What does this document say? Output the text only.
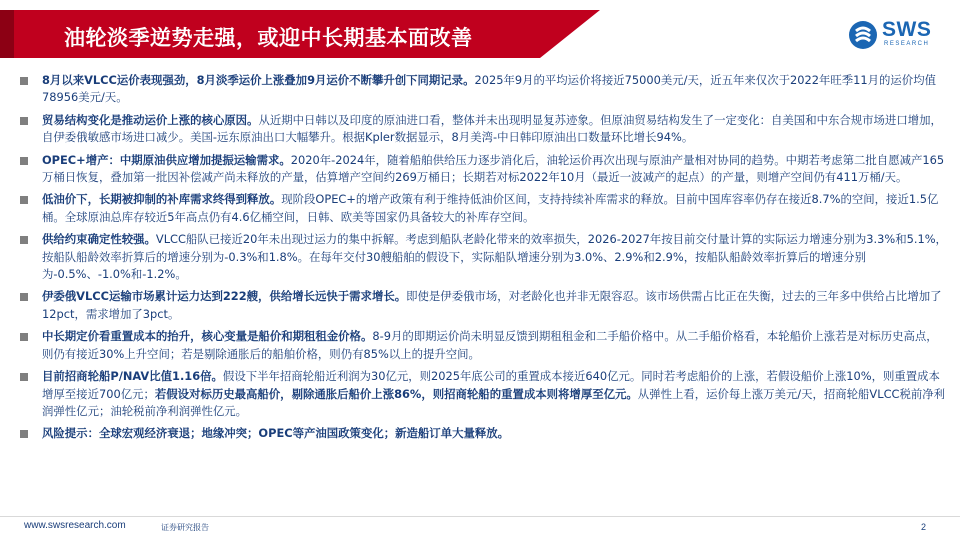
油轮淡季逆势走强，或迎中长期基本面改善	SWS
RESEARCH
8月以来VLCC运价表现强劲，8月淡季运价上涨叠加9月运价不断攀升创下同期记录。2025年9月的平均运价将接近75000美元/天，近五年来仅次于2022年旺季11月的运价均值78956美元/天。
贸易结构变化是推动运价上涨的核心原因。从近期中日韩以及印度的原油进口看，整体并未出现明显复苏迹象。但原油贸易结构发生了一定变化：自美国和中东合规市场进口增加，自伊委俄敏感市场进口减少。美国-远东原油出口大幅攀升。根据Kpler数据显示，8月美湾-中日韩印原油出口数量环比增长94%。
OPEC+增产：中期原油供应增加提振运输需求。2020年-2024年，随着船舶供给压力逐步消化后，油轮运价再次出现与原油产量相对协同的趋势。中期若考虑第二批自愿减产165万桶日恢复，叠加第一批因补偿减产尚未释放的产量，估算增产空间约269万桶日；长期若对标2022年10月（最近一波减产的起点）的产量，则增产空间仍有411万桶/天。
低油价下，长期被抑制的补库需求终得到释放。现阶段OPEC+的增产政策有利于维持低油价区间，支持持续补库需求的释放。目前中国库容率仍存在接近8.7%的空间，接近1.5亿桶。全球原油总库存较近5年高点仍有4.6亿桶空间，日韩、欧美等国家仍具备较大的补库存空间。
供给约束确定性较强。VLCC船队已接近20年未出现过运力的集中拆解。考虑到船队老龄化带来的效率损失，2026-2027年按目前交付量计算的实际运力增速分别为3.3%和5.1%，按船队船龄效率折算后的增速分别为-0.3%和1.8%。在每年交付30艘船舶的假设下，实际船队增速分别为3.0%、2.9%和2.9%，按船队船龄效率折算后的增速分别为-0.5%、-1.0%和-1.2%。
伊委俄VLCC运输市场累计运力达到222艘，供给增长远快于需求增长。即使是伊委俄市场，对老龄化也并非无限容忍。该市场供需占比正在失衡，过去的三年多中供给占比增加了12pct，需求增加了3pct。
中长期定价看重置成本的抬升，核心变量是船价和期租租金价格。8-9月的即期运价尚未明显反馈到期租租金和二手船价格中。从二手船价格看，本轮船价上涨若是对标历史高点，则仍有接近30%上升空间；若是剔除通胀后的船舶价格，则仍有85%以上的提升空间。
目前招商轮船P/NAV比值1.16倍。假设下半年招商轮船近利润为30亿元，则2025年底公司的重置成本接近640亿元。同时若考虑船价的上涨，若假设船价上涨10%，则重置成本增厚至接近700亿元；若假设对标历史最高船价，剔除通胀后船价上涨86%，则招商轮船的重置成本则将增厚至亿元。从弹性上看，运价每上涨万美元/天，招商轮船VLCC税前净利润弹性亿元；油轮税前净利润弹性亿元。
风险提示：全球宏观经济衰退；地缘冲突；OPEC等产油国政策变化；新造船订单大量释放。
www.swsresearch.com	证券研究报告	2
